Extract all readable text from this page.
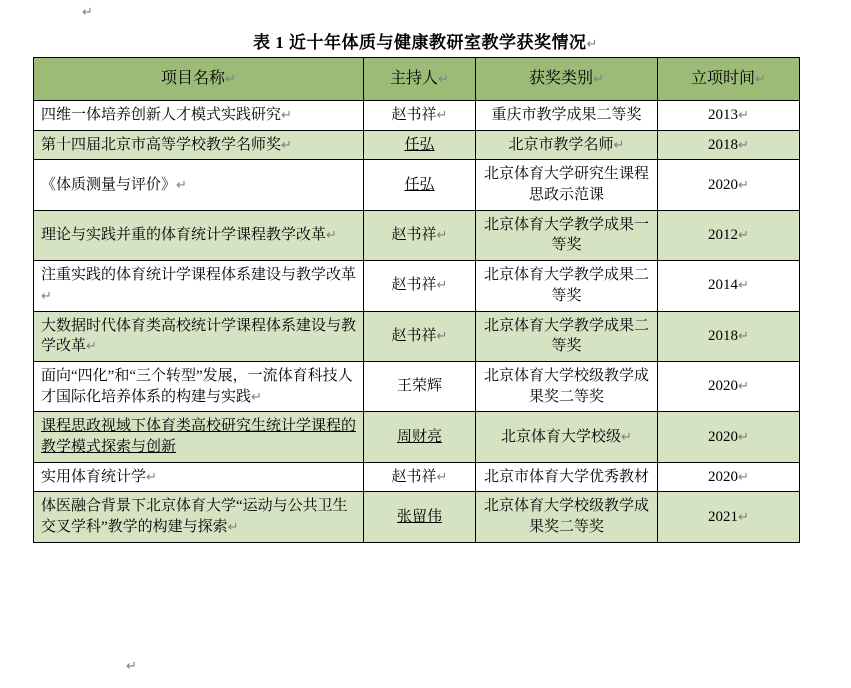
↵
表 1 近十年体质与健康教研室教学获奖情况↵
项目名称↵	主持人↵	获奖类别↵	立项时间↵
四维一体培养创新人才模式实践研究↵	赵书祥↵	重庆市教学成果二等奖	2013↵
第十四届北京市高等学校教学名师奖↵	任弘	北京市教学名师↵	2018↵
《体质测量与评价》↵	任弘	北京体育大学研究生课程思政示范课	2020↵
理论与实践并重的体育统计学课程教学改革↵	赵书祥↵	北京体育大学教学成果一等奖	2012↵
注重实践的体育统计学课程体系建设与教学改革↵	赵书祥↵	北京体育大学教学成果二等奖	2014↵
大数据时代体育类高校统计学课程体系建设与教学改革↵	赵书祥↵	北京体育大学教学成果二等奖	2018↵
面向“四化”和“三个转型”发展，一流体育科技人才国际化培养体系的构建与实践↵	王荣辉	北京体育大学校级教学成果奖二等奖	2020↵
课程思政视域下体育类高校研究生统计学课程的教学模式探索与创新	周财亮	北京体育大学校级↵	2020↵
实用体育统计学↵	赵书祥↵	北京市体育大学优秀教材	2020↵
体医融合背景下北京体育大学“运动与公共卫生交叉学科”教学的构建与探索↵	张留伟	北京体育大学校级教学成果奖二等奖	2021↵
↵
